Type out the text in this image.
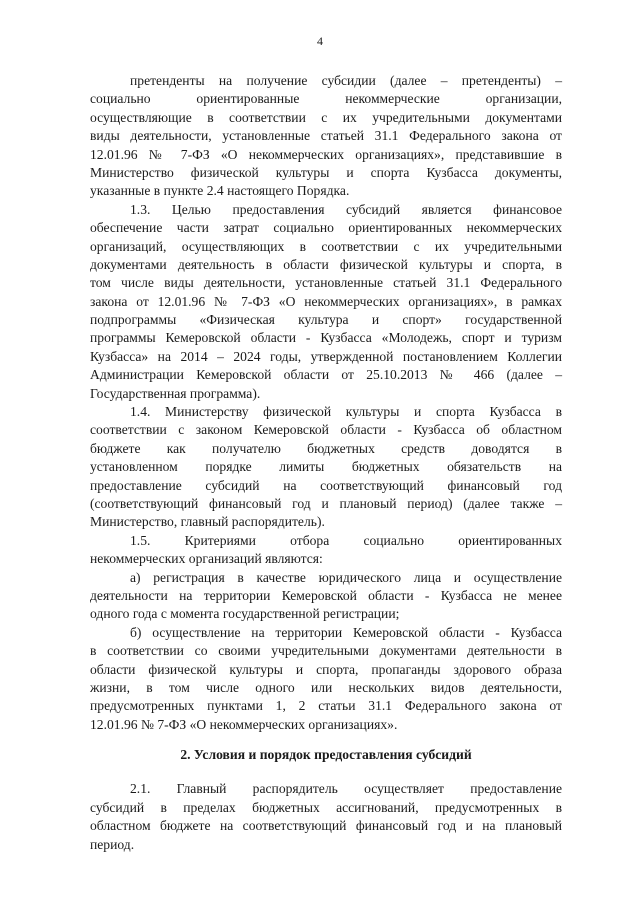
4
претенденты на получение субсидии (далее – претенденты) –
социально ориентированные некоммерческие организации,
осуществляющие в соответствии с их учредительными документами
виды деятельности, установленные статьей 31.1 Федерального закона от
12.01.96 № 7-ФЗ «О некоммерческих организациях», представившие в
Министерство физической культуры и спорта Кузбасса документы,
указанные в пункте 2.4 настоящего Порядка.
1.3. Целью предоставления субсидий является финансовое
обеспечение части затрат социально ориентированных некоммерческих
организаций, осуществляющих в соответствии с их учредительными
документами деятельность в области физической культуры и спорта, в
том числе виды деятельности, установленные статьей 31.1 Федерального
закона от 12.01.96 № 7-ФЗ «О некоммерческих организациях», в рамках
подпрограммы «Физическая культура и спорт» государственной
программы Кемеровской области - Кузбасса «Молодежь, спорт и туризм
Кузбасса» на 2014 – 2024 годы, утвержденной постановлением Коллегии
Администрации Кемеровской области от 25.10.2013 № 466 (далее –
Государственная программа).
1.4. Министерству физической культуры и спорта Кузбасса в
соответствии с законом Кемеровской области - Кузбасса об областном
бюджете как получателю бюджетных средств доводятся в
установленном порядке лимиты бюджетных обязательств на
предоставление субсидий на соответствующий финансовый год
(соответствующий финансовый год и плановый период) (далее также –
Министерство, главный распорядитель).
1.5. Критериями отбора социально ориентированных
некоммерческих организаций являются:
а) регистрация в качестве юридического лица и осуществление
деятельности на территории Кемеровской области - Кузбасса не менее
одного года с момента государственной регистрации;
б) осуществление на территории Кемеровской области - Кузбасса
в соответствии со своими учредительными документами деятельности в
области физической культуры и спорта, пропаганды здорового образа
жизни, в том числе одного или нескольких видов деятельности,
предусмотренных пунктами 1, 2 статьи 31.1 Федерального закона от
12.01.96 № 7-ФЗ «О некоммерческих организациях».
2. Условия и порядок предоставления субсидий
2.1. Главный распорядитель осуществляет предоставление
субсидий в пределах бюджетных ассигнований, предусмотренных в
областном бюджете на соответствующий финансовый год и на плановый
период.
